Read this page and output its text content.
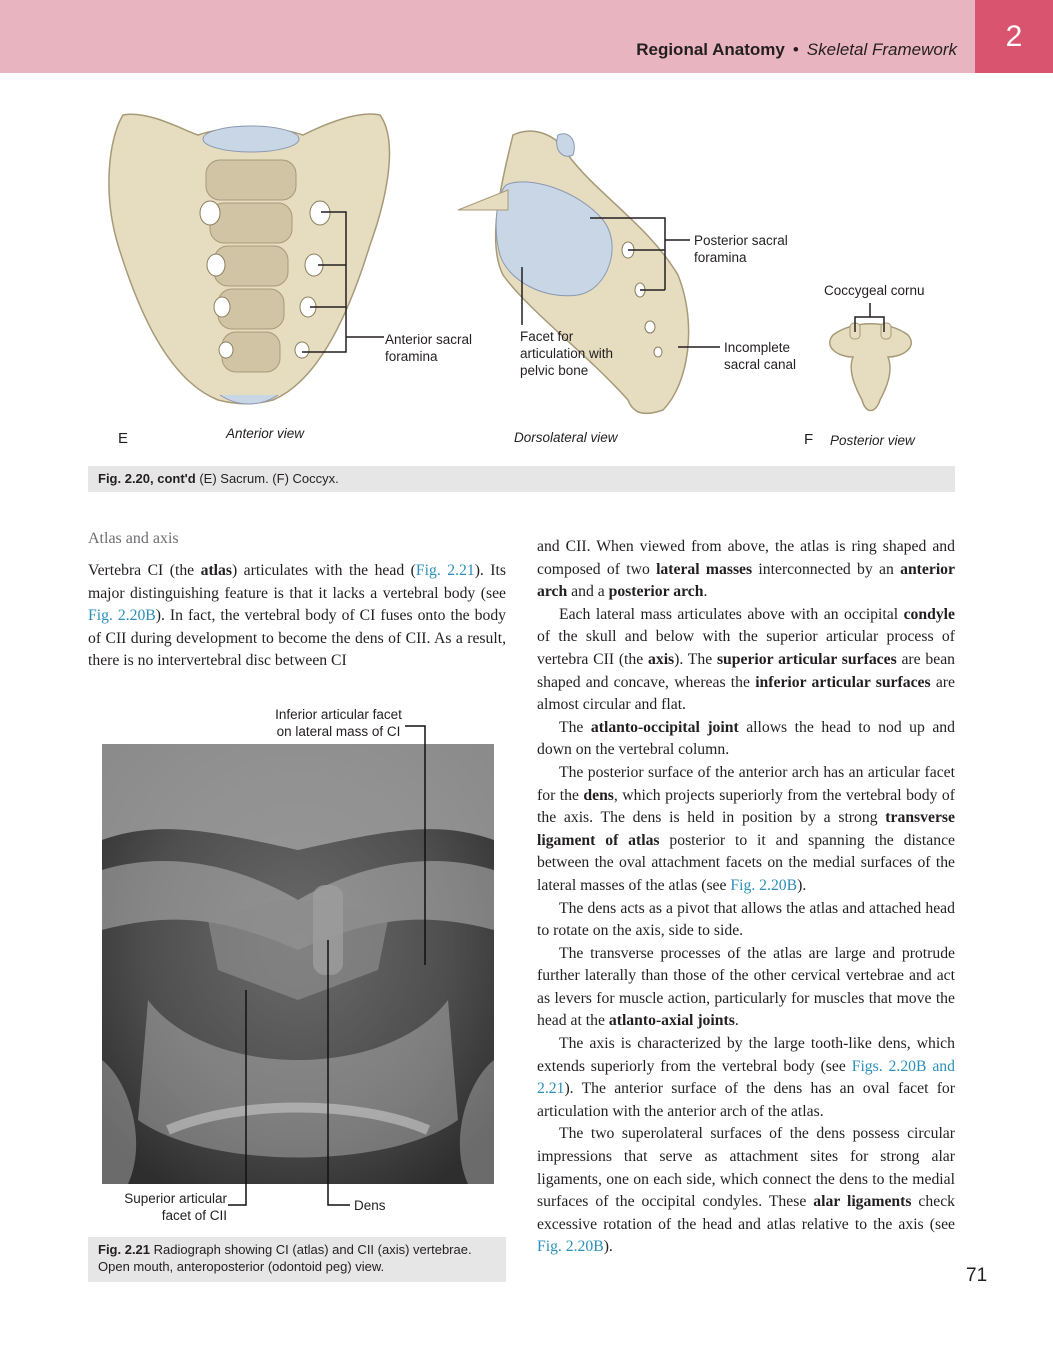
Regional Anatomy • Skeletal Framework	2
Anterior sacral foramina
Facet for articulation with pelvic bone
Posterior sacral foramina
Incomplete sacral canal
Coccygeal cornu
E	Anterior view	Dorsolateral view	F Posterior view
Fig. 2.20, cont'd (E) Sacrum. (F) Coccyx.
Atlas and axis

Vertebra CI (the atlas) articulates with the head (Fig. 2.21). Its major distinguishing feature is that it lacks a vertebral body (see Fig. 2.20B). In fact, the vertebral body of CI fuses onto the body of CII during development to become the dens of CII. As a result, there is no intervertebral disc between CI

Inferior articular facet on lateral mass of CI
Superior articular facet of CII
Dens
Fig. 2.21 Radiograph showing CI (atlas) and CII (axis) vertebrae. Open mouth, anteroposterior (odontoid peg) view.

and CII. When viewed from above, the atlas is ring shaped and composed of two lateral masses interconnected by an anterior arch and a posterior arch.

Each lateral mass articulates above with an occipital condyle of the skull and below with the superior articular process of vertebra CII (the axis). The superior articular surfaces are bean shaped and concave, whereas the inferior articular surfaces are almost circular and flat.

The atlanto-occipital joint allows the head to nod up and down on the vertebral column.

The posterior surface of the anterior arch has an articular facet for the dens, which projects superiorly from the vertebral body of the axis. The dens is held in position by a strong transverse ligament of atlas posterior to it and spanning the distance between the oval attachment facets on the medial surfaces of the lateral masses of the atlas (see Fig. 2.20B).

The dens acts as a pivot that allows the atlas and attached head to rotate on the axis, side to side.

The transverse processes of the atlas are large and protrude further laterally than those of the other cervical vertebrae and act as levers for muscle action, particularly for muscles that move the head at the atlanto-axial joints.

The axis is characterized by the large tooth-like dens, which extends superiorly from the vertebral body (see Figs. 2.20B and 2.21). The anterior surface of the dens has an oval facet for articulation with the anterior arch of the atlas.

The two superolateral surfaces of the dens possess circular impressions that serve as attachment sites for strong alar ligaments, one on each side, which connect the dens to the medial surfaces of the occipital condyles. These alar ligaments check excessive rotation of the head and atlas relative to the axis (see Fig. 2.20B).

71
